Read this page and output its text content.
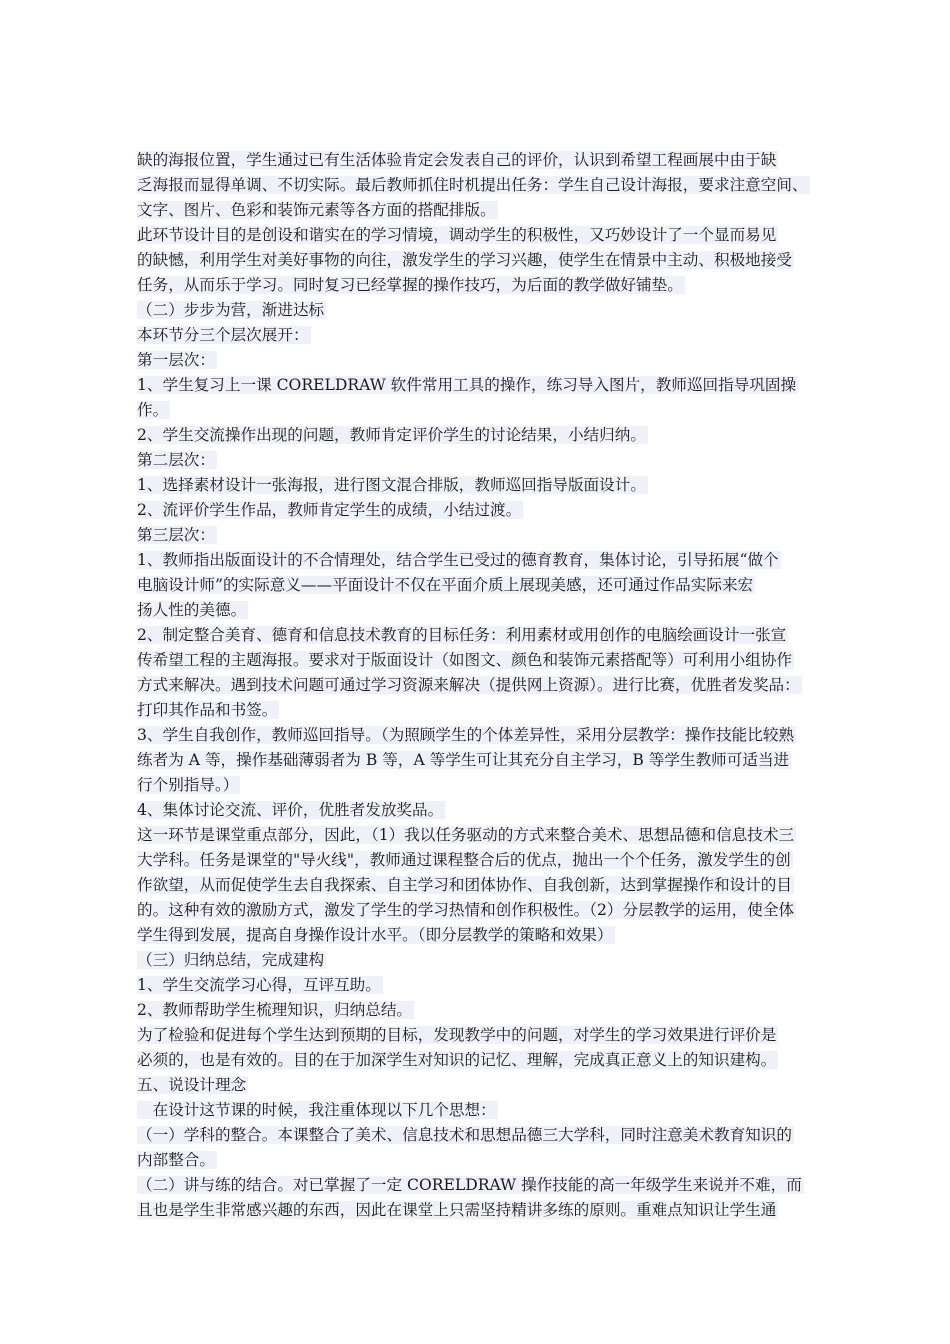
缺的海报位置，学生通过已有生活体验肯定会发表自己的评价，认识到希望工程画展中由于缺
乏海报而显得单调、不切实际。最后教师抓住时机提出任务：学生自己设计海报，要求注意空间、
文字、图片、色彩和装饰元素等各方面的搭配排版。
此环节设计目的是创设和谐实在的学习情境，调动学生的积极性，又巧妙设计了一个显而易见
的缺憾，利用学生对美好事物的向往，激发学生的学习兴趣，使学生在情景中主动、积极地接受
任务，从而乐于学习。同时复习已经掌握的操作技巧，为后面的教学做好铺垫。
（二）步步为营，渐进达标
本环节分三个层次展开：
第一层次：
1、学生复习上一课 CORELDRAW 软件常用工具的操作，练习导入图片，教师巡回指导巩固操
作。
2、学生交流操作出现的问题，教师肯定评价学生的讨论结果，小结归纳。
第二层次：
1、选择素材设计一张海报，进行图文混合排版，教师巡回指导版面设计。
2、流评价学生作品，教师肯定学生的成绩，小结过渡。
第三层次：
1、教师指出版面设计的不合情理处，结合学生已受过的德育教育，集体讨论，引导拓展“做个
电脑设计师”的实际意义——平面设计不仅在平面介质上展现美感，还可通过作品实际来宏
扬人性的美德。
2、制定整合美育、德育和信息技术教育的目标任务：利用素材或用创作的电脑绘画设计一张宣
传希望工程的主题海报。要求对于版面设计（如图文、颜色和装饰元素搭配等）可利用小组协作
方式来解决。遇到技术问题可通过学习资源来解决（提供网上资源）。进行比赛，优胜者发奖品：
打印其作品和书签。
3、学生自我创作，教师巡回指导。（为照顾学生的个体差异性，采用分层教学：操作技能比较熟
练者为 A 等，操作基础薄弱者为 B 等，A 等学生可让其充分自主学习，B 等学生教师可适当进
行个别指导。）
4、集体讨论交流、评价，优胜者发放奖品。
这一环节是课堂重点部分，因此，（1）我以任务驱动的方式来整合美术、思想品德和信息技术三
大学科。任务是课堂的"导火线"，教师通过课程整合后的优点，抛出一个个任务，激发学生的创
作欲望，从而促使学生去自我探索、自主学习和团体协作、自我创新，达到掌握操作和设计的目
的。这种有效的激励方式，激发了学生的学习热情和创作积极性。（2）分层教学的运用，使全体
学生得到发展，提高自身操作设计水平。（即分层教学的策略和效果）
（三）归纳总结，完成建构
1、学生交流学习心得，互评互助。
2、教师帮助学生梳理知识，归纳总结。
为了检验和促进每个学生达到预期的目标，发现教学中的问题，对学生的学习效果进行评价是
必须的，也是有效的。目的在于加深学生对知识的记忆、理解，完成真正意义上的知识建构。
五、说设计理念
　在设计这节课的时候，我注重体现以下几个思想：
（一）学科的整合。本课整合了美术、信息技术和思想品德三大学科，同时注意美术教育知识的
内部整合。
（二）讲与练的结合。对已掌握了一定 CORELDRAW 操作技能的高一年级学生来说并不难，而
且也是学生非常感兴趣的东西，因此在课堂上只需坚持精讲多练的原则。重难点知识让学生通
